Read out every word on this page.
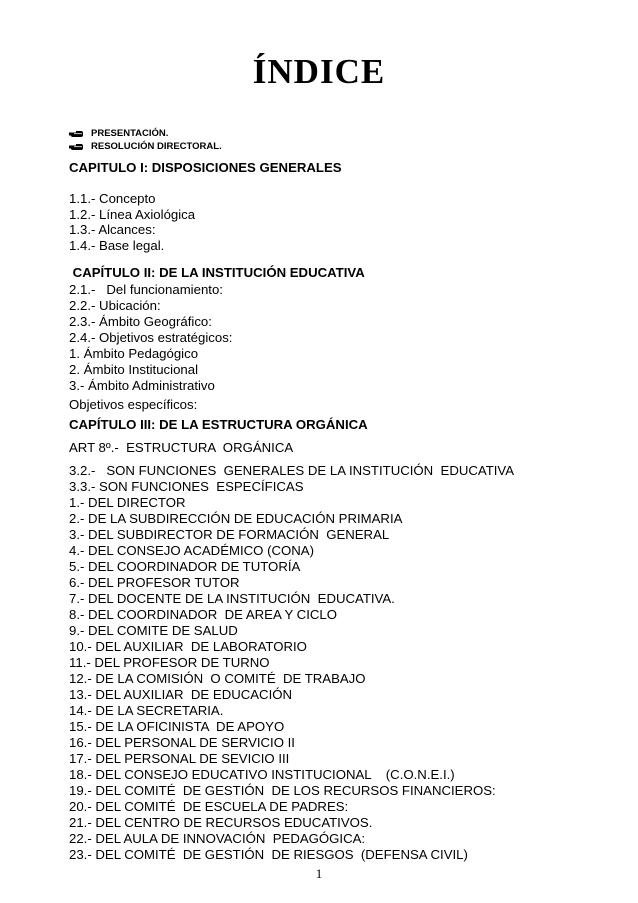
ÍNDICE
PRESENTACIÓN.
RESOLUCIÓN DIRECTORAL.
CAPITULO I: DISPOSICIONES GENERALES
1.1.- Concepto
1.2.- Línea Axiológica
1.3.- Alcances:
1.4.- Base legal.
CAPÍTULO II: DE LA INSTITUCIÓN EDUCATIVA
2.1.-   Del funcionamiento:
2.2.- Ubicación:
2.3.- Ámbito Geográfico:
2.4.- Objetivos estratégicos:
1. Ámbito Pedagógico
2. Ámbito Institucional
3.- Ámbito Administrativo
Objetivos específicos:
CAPÍTULO III: DE LA ESTRUCTURA ORGÁNICA
ART 8º.-  ESTRUCTURA  ORGÁNICA
3.2.-   SON FUNCIONES  GENERALES DE LA INSTITUCIÓN  EDUCATIVA
3.3.- SON FUNCIONES  ESPECÍFICAS
1.- DEL DIRECTOR
2.- DE LA SUBDIRECCIÓN DE EDUCACIÓN PRIMARIA
3.- DEL SUBDIRECTOR DE FORMACIÓN  GENERAL
4.- DEL CONSEJO ACADÉMICO (CONA)
5.- DEL COORDINADOR DE TUTORÍA
6.- DEL PROFESOR TUTOR
7.- DEL DOCENTE DE LA INSTITUCIÓN  EDUCATIVA.
8.- DEL COORDINADOR  DE AREA Y CICLO
9.- DEL COMITE DE SALUD
10.- DEL AUXILIAR  DE LABORATORIO
11.- DEL PROFESOR DE TURNO
12.- DE LA COMISIÓN  O COMITÉ  DE TRABAJO
13.- DEL AUXILIAR  DE EDUCACIÓN
14.- DE LA SECRETARIA.
15.- DE LA OFICINISTA  DE APOYO
16.- DEL PERSONAL DE SERVICIO II
17.- DEL PERSONAL DE SEVICIO III
18.- DEL CONSEJO EDUCATIVO INSTITUCIONAL    (C.O.N.E.I.)
19.- DEL COMITÉ  DE GESTIÓN  DE LOS RECURSOS FINANCIEROS:
20.- DEL COMITÉ  DE ESCUELA DE PADRES:
21.- DEL CENTRO DE RECURSOS EDUCATIVOS.
22.- DEL AULA DE INNOVACIÓN  PEDAGÓGICA:
23.- DEL COMITÉ  DE GESTIÓN  DE RIESGOS  (DEFENSA CIVIL)
1
